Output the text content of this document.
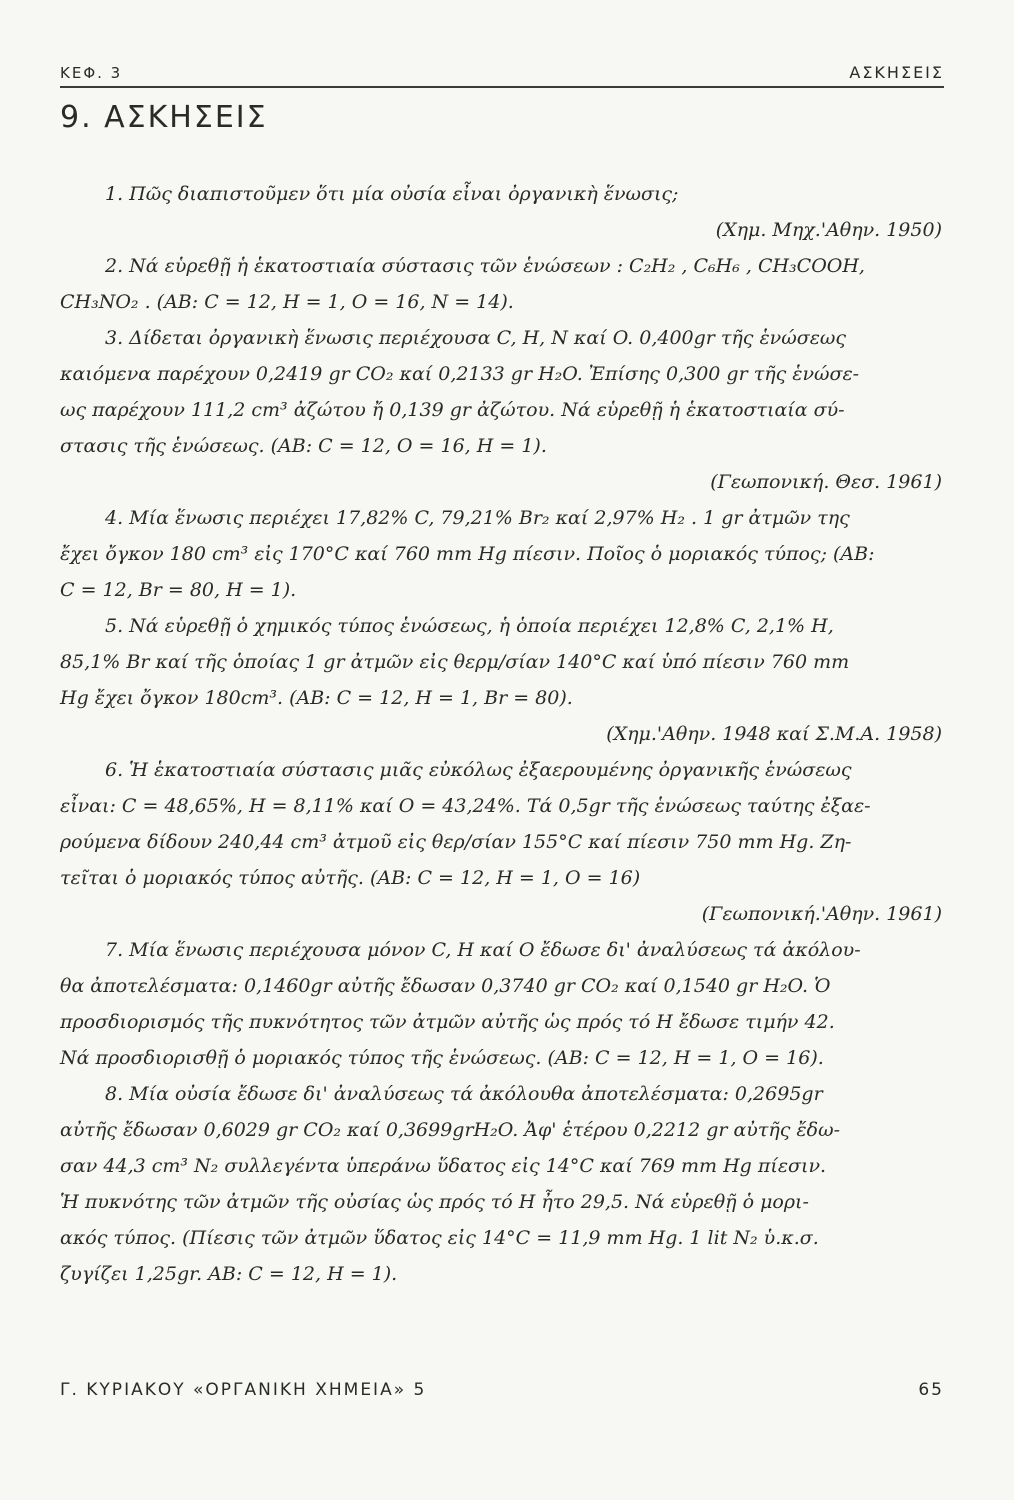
ΚΕΦ. 3	ΑΣΚΗΣΕΙΣ
9. ΑΣΚΗΣΕΙΣ
1. Πῶς διαπιστοῦμεν ὅτι μία οὐσία εἶναι ὀργανικὴ ἕνωσις;
(Χημ. Μηχ.'Αθην. 1950)
2. Νά εὑρεθῇ ἡ ἑκατοστιαία σύστασις τῶν ἑνώσεων : C₂H₂ , C₆H₆ , CH₃COOH,
CH₃NO₂ . (ΑΒ: C = 12, H = 1, O = 16, N = 14).
3. Δίδεται ὀργανικὴ ἕνωσις περιέχουσα C, H, N καί O. 0,400gr τῆς ἑνώσεως
καιόμενα παρέχουν 0,2419 gr CO₂ καί 0,2133 gr H₂O. Ἐπίσης 0,300 gr τῆς ἑνώσε-
ως παρέχουν 111,2 cm³ ἀζώτου ἤ 0,139 gr ἀζώτου. Νά εὑρεθῇ ἡ ἑκατοστιαία σύ-
στασις τῆς ἑνώσεως. (ΑΒ: C = 12, O = 16, H = 1).
(Γεωπονική. Θεσ. 1961)
4. Μία ἕνωσις περιέχει 17,82% C, 79,21% Br₂ καί 2,97% H₂ . 1 gr ἀτμῶν της
ἔχει ὄγκον 180 cm³ εἰς 170°C καί 760 mm Hg πίεσιν. Ποῖος ὁ μοριακός τύπος; (ΑΒ:
C = 12, Br = 80, H = 1).
5. Νά εὑρεθῇ ὁ χημικός τύπος ἑνώσεως, ἡ ὁποία περιέχει 12,8% C, 2,1% H,
85,1% Br καί τῆς ὁποίας 1 gr ἀτμῶν εἰς θερμ/σίαν 140°C καί ὑπό πίεσιν 760 mm
Hg ἔχει ὄγκον 180cm³. (ΑΒ: C = 12, H = 1, Br = 80).
(Χημ.'Αθην. 1948 καί Σ.Μ.Α. 1958)
6. Ἡ ἑκατοστιαία σύστασις μιᾶς εὐκόλως ἐξαερουμένης ὀργανικῆς ἑνώσεως
εἶναι: C = 48,65%, H = 8,11% καί O = 43,24%. Τά 0,5gr τῆς ἑνώσεως ταύτης ἐξαε-
ρούμενα δίδουν 240,44 cm³ ἀτμοῦ εἰς θερ/σίαν 155°C καί πίεσιν 750 mm Hg. Ζη-
τεῖται ὁ μοριακός τύπος αὐτῆς. (ΑΒ: C = 12, H = 1, O = 16)
(Γεωπονική.'Αθην. 1961)
7. Μία ἕνωσις περιέχουσα μόνον C, H καί O ἔδωσε δι' ἀναλύσεως τά ἀκόλου-
θα ἀποτελέσματα: 0,1460gr αὐτῆς ἔδωσαν 0,3740 gr CO₂ καί 0,1540 gr H₂O. Ὁ
προσδιορισμός τῆς πυκνότητος τῶν ἀτμῶν αὐτῆς ὡς πρός τό H ἔδωσε τιμήν 42.
Νά προσδιορισθῇ ὁ μοριακός τύπος τῆς ἑνώσεως. (ΑΒ: C = 12, H = 1, O = 16).
8. Μία οὐσία ἔδωσε δι' ἀναλύσεως τά ἀκόλουθα ἀποτελέσματα: 0,2695gr
αὐτῆς ἔδωσαν 0,6029 gr CO₂ καί 0,3699grH₂O. Ἀφ' ἑτέρου 0,2212 gr αὐτῆς ἔδω-
σαν 44,3 cm³ N₂ συλλεγέντα ὑπεράνω ὕδατος εἰς 14°C καί 769 mm Hg πίεσιν.
Ἡ πυκνότης τῶν ἀτμῶν τῆς οὐσίας ὡς πρός τό H ἦτο 29,5. Νά εὑρεθῇ ὁ μορι-
ακός τύπος. (Πίεσις τῶν ἀτμῶν ὕδατος εἰς 14°C = 11,9 mm Hg. 1 lit N₂ ὑ.κ.σ.
ζυγίζει 1,25gr. ΑΒ: C = 12, H = 1).
Γ. ΚΥΡΙΑΚΟΥ «ΟΡΓΑΝΙΚΗ ΧΗΜΕΙΑ» 5	65
